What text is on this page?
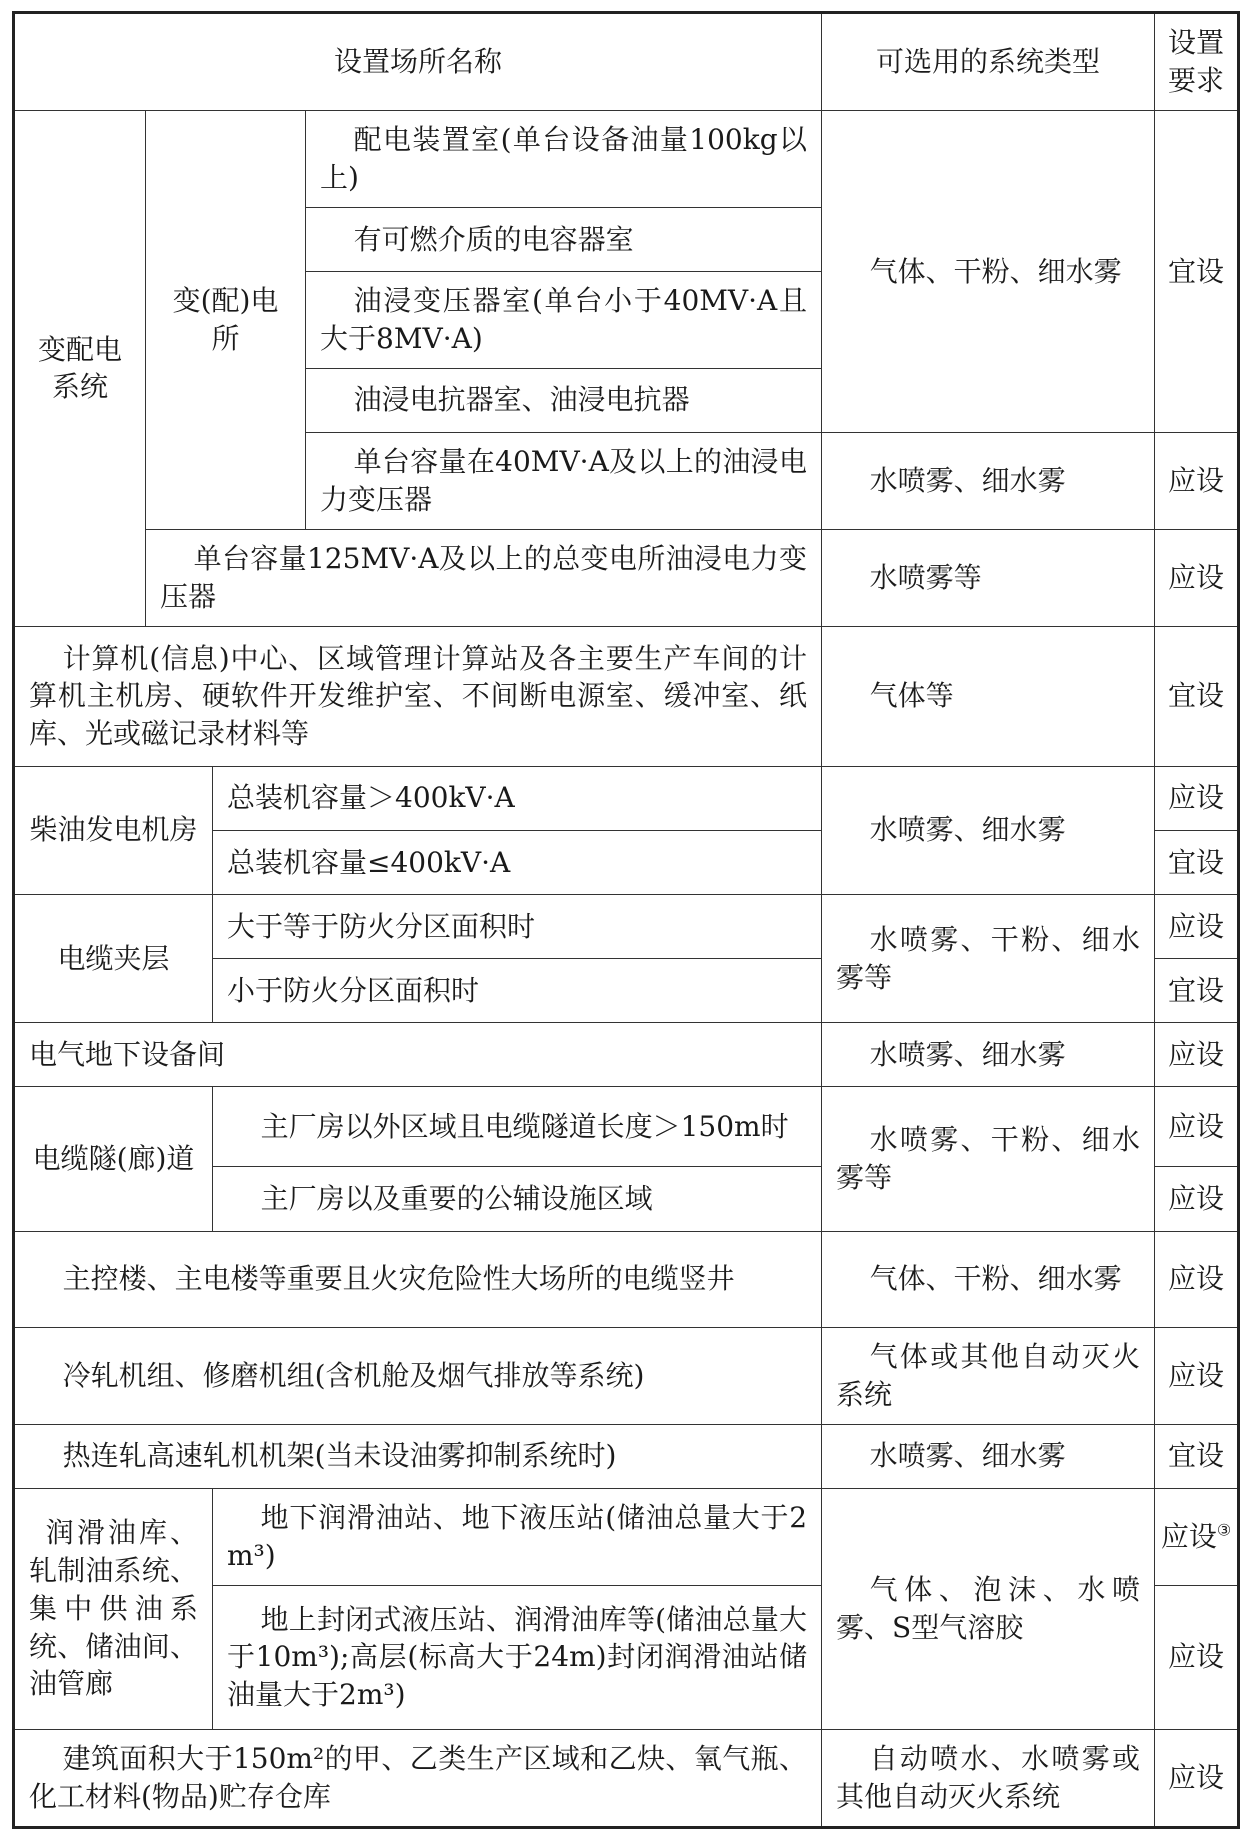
设置场所名称				可选用的系统类型	设置要求
变配电系统	变(配)电所		配电装置室(单台设备油量100kg以上)	气体、干粉、细水雾	宜设
			有可燃介质的电容器室		
			油浸变压器室(单台小于40MV·A且大于8MV·A)		
			油浸电抗器室、油浸电抗器		
			单台容量在40MV·A及以上的油浸电力变压器	水喷雾、细水雾	应设
	单台容量125MV·A及以上的总变电所油浸电力变压器			水喷雾等	应设
计算机(信息)中心、区域管理计算站及各主要生产车间的计算机主机房、硬软件开发维护室、不间断电源室、缓冲室、纸库、光或磁记录材料等				气体等	宜设
柴油发电机房		总装机容量＞400kV·A		水喷雾、细水雾	应设
		总装机容量≤400kV·A			宜设
电缆夹层		大于等于防火分区面积时		水喷雾、干粉、细水雾等	应设
		小于防火分区面积时			宜设
电气地下设备间				水喷雾、细水雾	应设
电缆隧(廊)道		主厂房以外区域且电缆隧道长度＞150m时		水喷雾、干粉、细水雾等	应设
		主厂房以及重要的公辅设施区域			应设
主控楼、主电楼等重要且火灾危险性大场所的电缆竖井				气体、干粉、细水雾	应设
冷轧机组、修磨机组(含机舱及烟气排放等系统)				气体或其他自动灭火系统	应设
热连轧高速轧机机架(当未设油雾抑制系统时)				水喷雾、细水雾	宜设
润滑油库、轧制油系统、集中供油系统、储油间、油管廊		地下润滑油站、地下液压站(储油总量大于2m³)		气体、泡沫、水喷雾、S型气溶胶	应设③
		地上封闭式液压站、润滑油库等(储油总量大于10m³);高层(标高大于24m)封闭润滑油站储油量大于2m³)			应设
建筑面积大于150m²的甲、乙类生产区域和乙炔、氧气瓶、化工材料(物品)贮存仓库				自动喷水、水喷雾或其他自动灭火系统	应设
